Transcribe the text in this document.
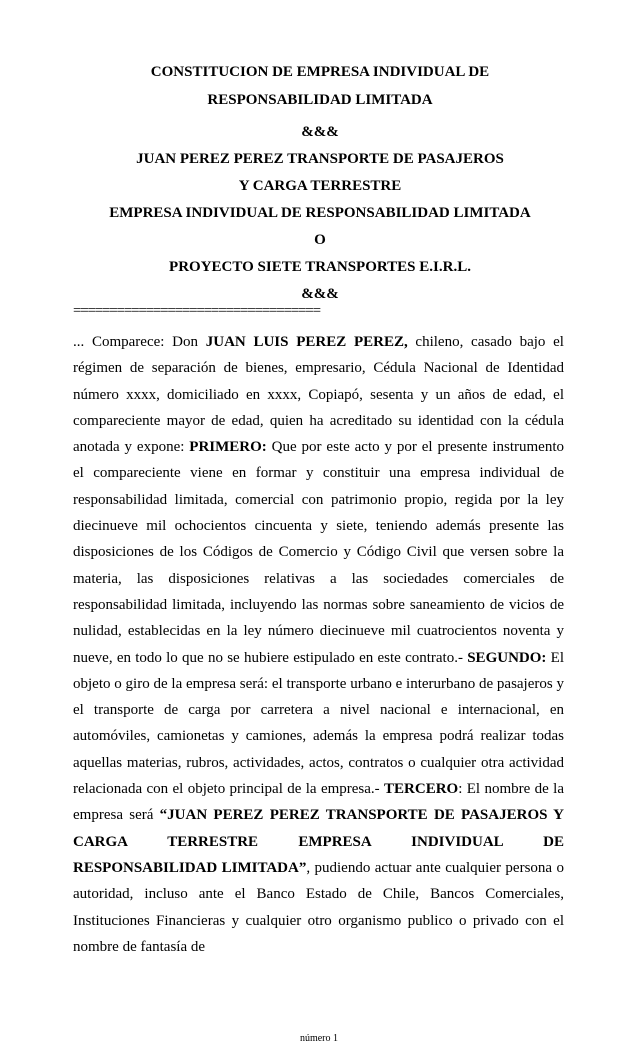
CONSTITUCION DE EMPRESA INDIVIDUAL DE
RESPONSABILIDAD LIMITADA
&&&
JUAN PEREZ PEREZ TRANSPORTE DE PASAJEROS
Y CARGA TERRESTRE
EMPRESA INDIVIDUAL DE RESPONSABILIDAD LIMITADA
O
PROYECTO SIETE TRANSPORTES E.I.R.L.
&&&
==================================
... Comparece: Don JUAN LUIS PEREZ PEREZ, chileno, casado bajo el régimen de separación de bienes, empresario, Cédula Nacional de Identidad número xxxx, domiciliado en xxxx, Copiapó, sesenta y un años de edad, el compareciente mayor de edad, quien ha acreditado su identidad con la cédula anotada y expone: PRIMERO: Que por este acto y por el presente instrumento el compareciente viene en formar y constituir una empresa individual de responsabilidad limitada, comercial con patrimonio propio, regida por la ley diecinueve mil ochocientos cincuenta y siete, teniendo además presente las disposiciones de los Códigos de Comercio y Código Civil que versen sobre la materia, las disposiciones relativas a las sociedades comerciales de responsabilidad limitada, incluyendo las normas sobre saneamiento de vicios de nulidad, establecidas en la ley número diecinueve mil cuatrocientos noventa y nueve, en todo lo que no se hubiere estipulado en este contrato.- SEGUNDO: El objeto o giro de la empresa será: el transporte urbano e interurbano de pasajeros y el transporte de carga por carretera a nivel nacional e internacional, en automóviles, camionetas y camiones, además la empresa podrá realizar todas aquellas materias, rubros, actividades, actos, contratos o cualquier otra actividad relacionada con el objeto principal de la empresa.- TERCERO: El nombre de la empresa será “JUAN PEREZ PEREZ TRANSPORTE DE PASAJEROS Y CARGA TERRESTRE EMPRESA INDIVIDUAL DE RESPONSABILIDAD LIMITADA”, pudiendo actuar ante cualquier persona o autoridad, incluso ante el Banco Estado de Chile, Bancos Comerciales, Instituciones Financieras y cualquier otro organismo publico o privado con el nombre de fantasía de
número 1
